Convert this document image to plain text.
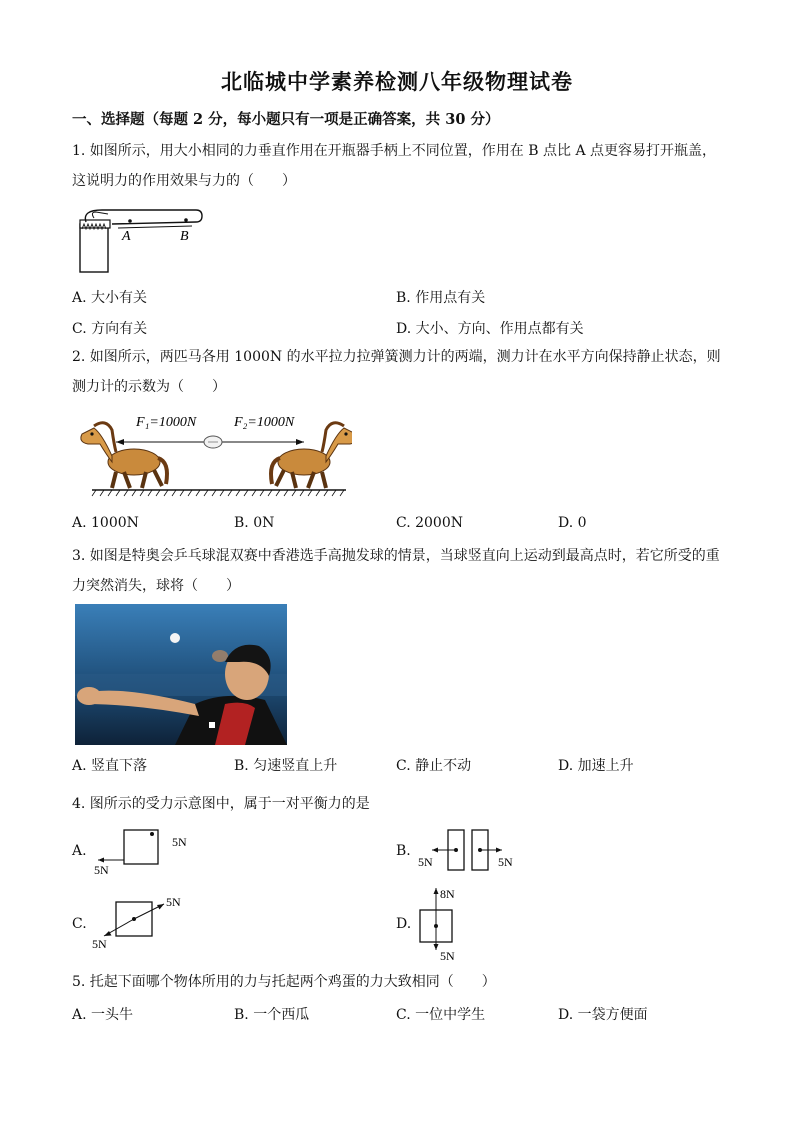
北临城中学素养检测八年级物理试卷
一、选择题（每题 2 分，每小题只有一项是正确答案，共 30 分）
1. 如图所示，用大小相同的力垂直作用在开瓶器手柄上不同位置，作用在 B 点比 A 点更容易打开瓶盖，
这说明力的作用效果与力的（　　）
A	B
A. 大小有关	B. 作用点有关
C. 方向有关	D. 大小、方向、作用点都有关
2. 如图所示，两匹马各用 1000N 的水平拉力拉弹簧测力计的两端，测力计在水平方向保持静止状态，则
测力计的示数为（　　）
F₁=1000N	F₂=1000N
A. 1000N	B. 0N	C. 2000N	D. 0
3. 如图是特奥会乒乓球混双赛中香港选手高抛发球的情景，当球竖直向上运动到最高点时，若它所受的重
力突然消失，球将（　　）
A. 竖直下落	B. 匀速竖直上升	C. 静止不动	D. 加速上升
4. 图所示的受力示意图中，属于一对平衡力的是
A.
5N
5N
B.
5N	5N
C.
5N
5N
D.
8N
5N
5. 托起下面哪个物体所用的力与托起两个鸡蛋的力大致相同（　　）
A. 一头牛	B. 一个西瓜	C. 一位中学生	D. 一袋方便面
